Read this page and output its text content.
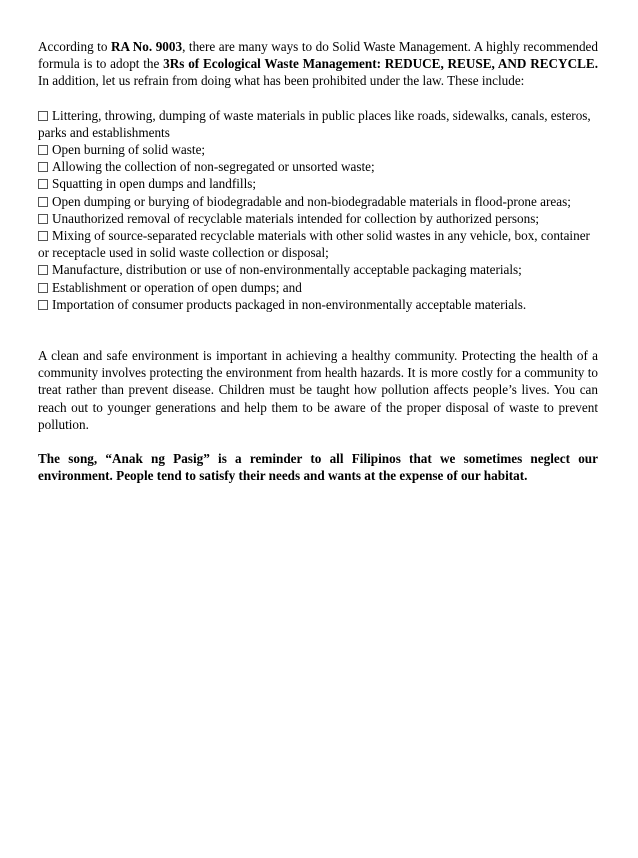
According to RA No. 9003, there are many ways to do Solid Waste Management. A highly recommended formula is to adopt the 3Rs of Ecological Waste Management: REDUCE, REUSE, AND RECYCLE. In addition, let us refrain from doing what has been prohibited under the law. These include:

Littering, throwing, dumping of waste materials in public places like roads, sidewalks, canals, esteros, parks and establishments
Open burning of solid waste;
Allowing the collection of non-segregated or unsorted waste;
Squatting in open dumps and landfills;
Open dumping or burying of biodegradable and non-biodegradable materials in flood-prone areas;
Unauthorized removal of recyclable materials intended for collection by authorized persons;
Mixing of source-separated recyclable materials with other solid wastes in any vehicle, box, container or receptacle used in solid waste collection or disposal;
Manufacture, distribution or use of non-environmentally acceptable packaging materials;
Establishment or operation of open dumps; and
Importation of consumer products packaged in non-environmentally acceptable materials.

A clean and safe environment is important in achieving a healthy community. Protecting the health of a community involves protecting the environment from health hazards. It is more costly for a community to treat rather than prevent disease. Children must be taught how pollution affects people’s lives. You can reach out to younger generations and help them to be aware of the proper disposal of waste to prevent pollution.

The song, “Anak ng Pasig” is a reminder to all Filipinos that we sometimes neglect our environment. People tend to satisfy their needs and wants at the expense of our habitat.
